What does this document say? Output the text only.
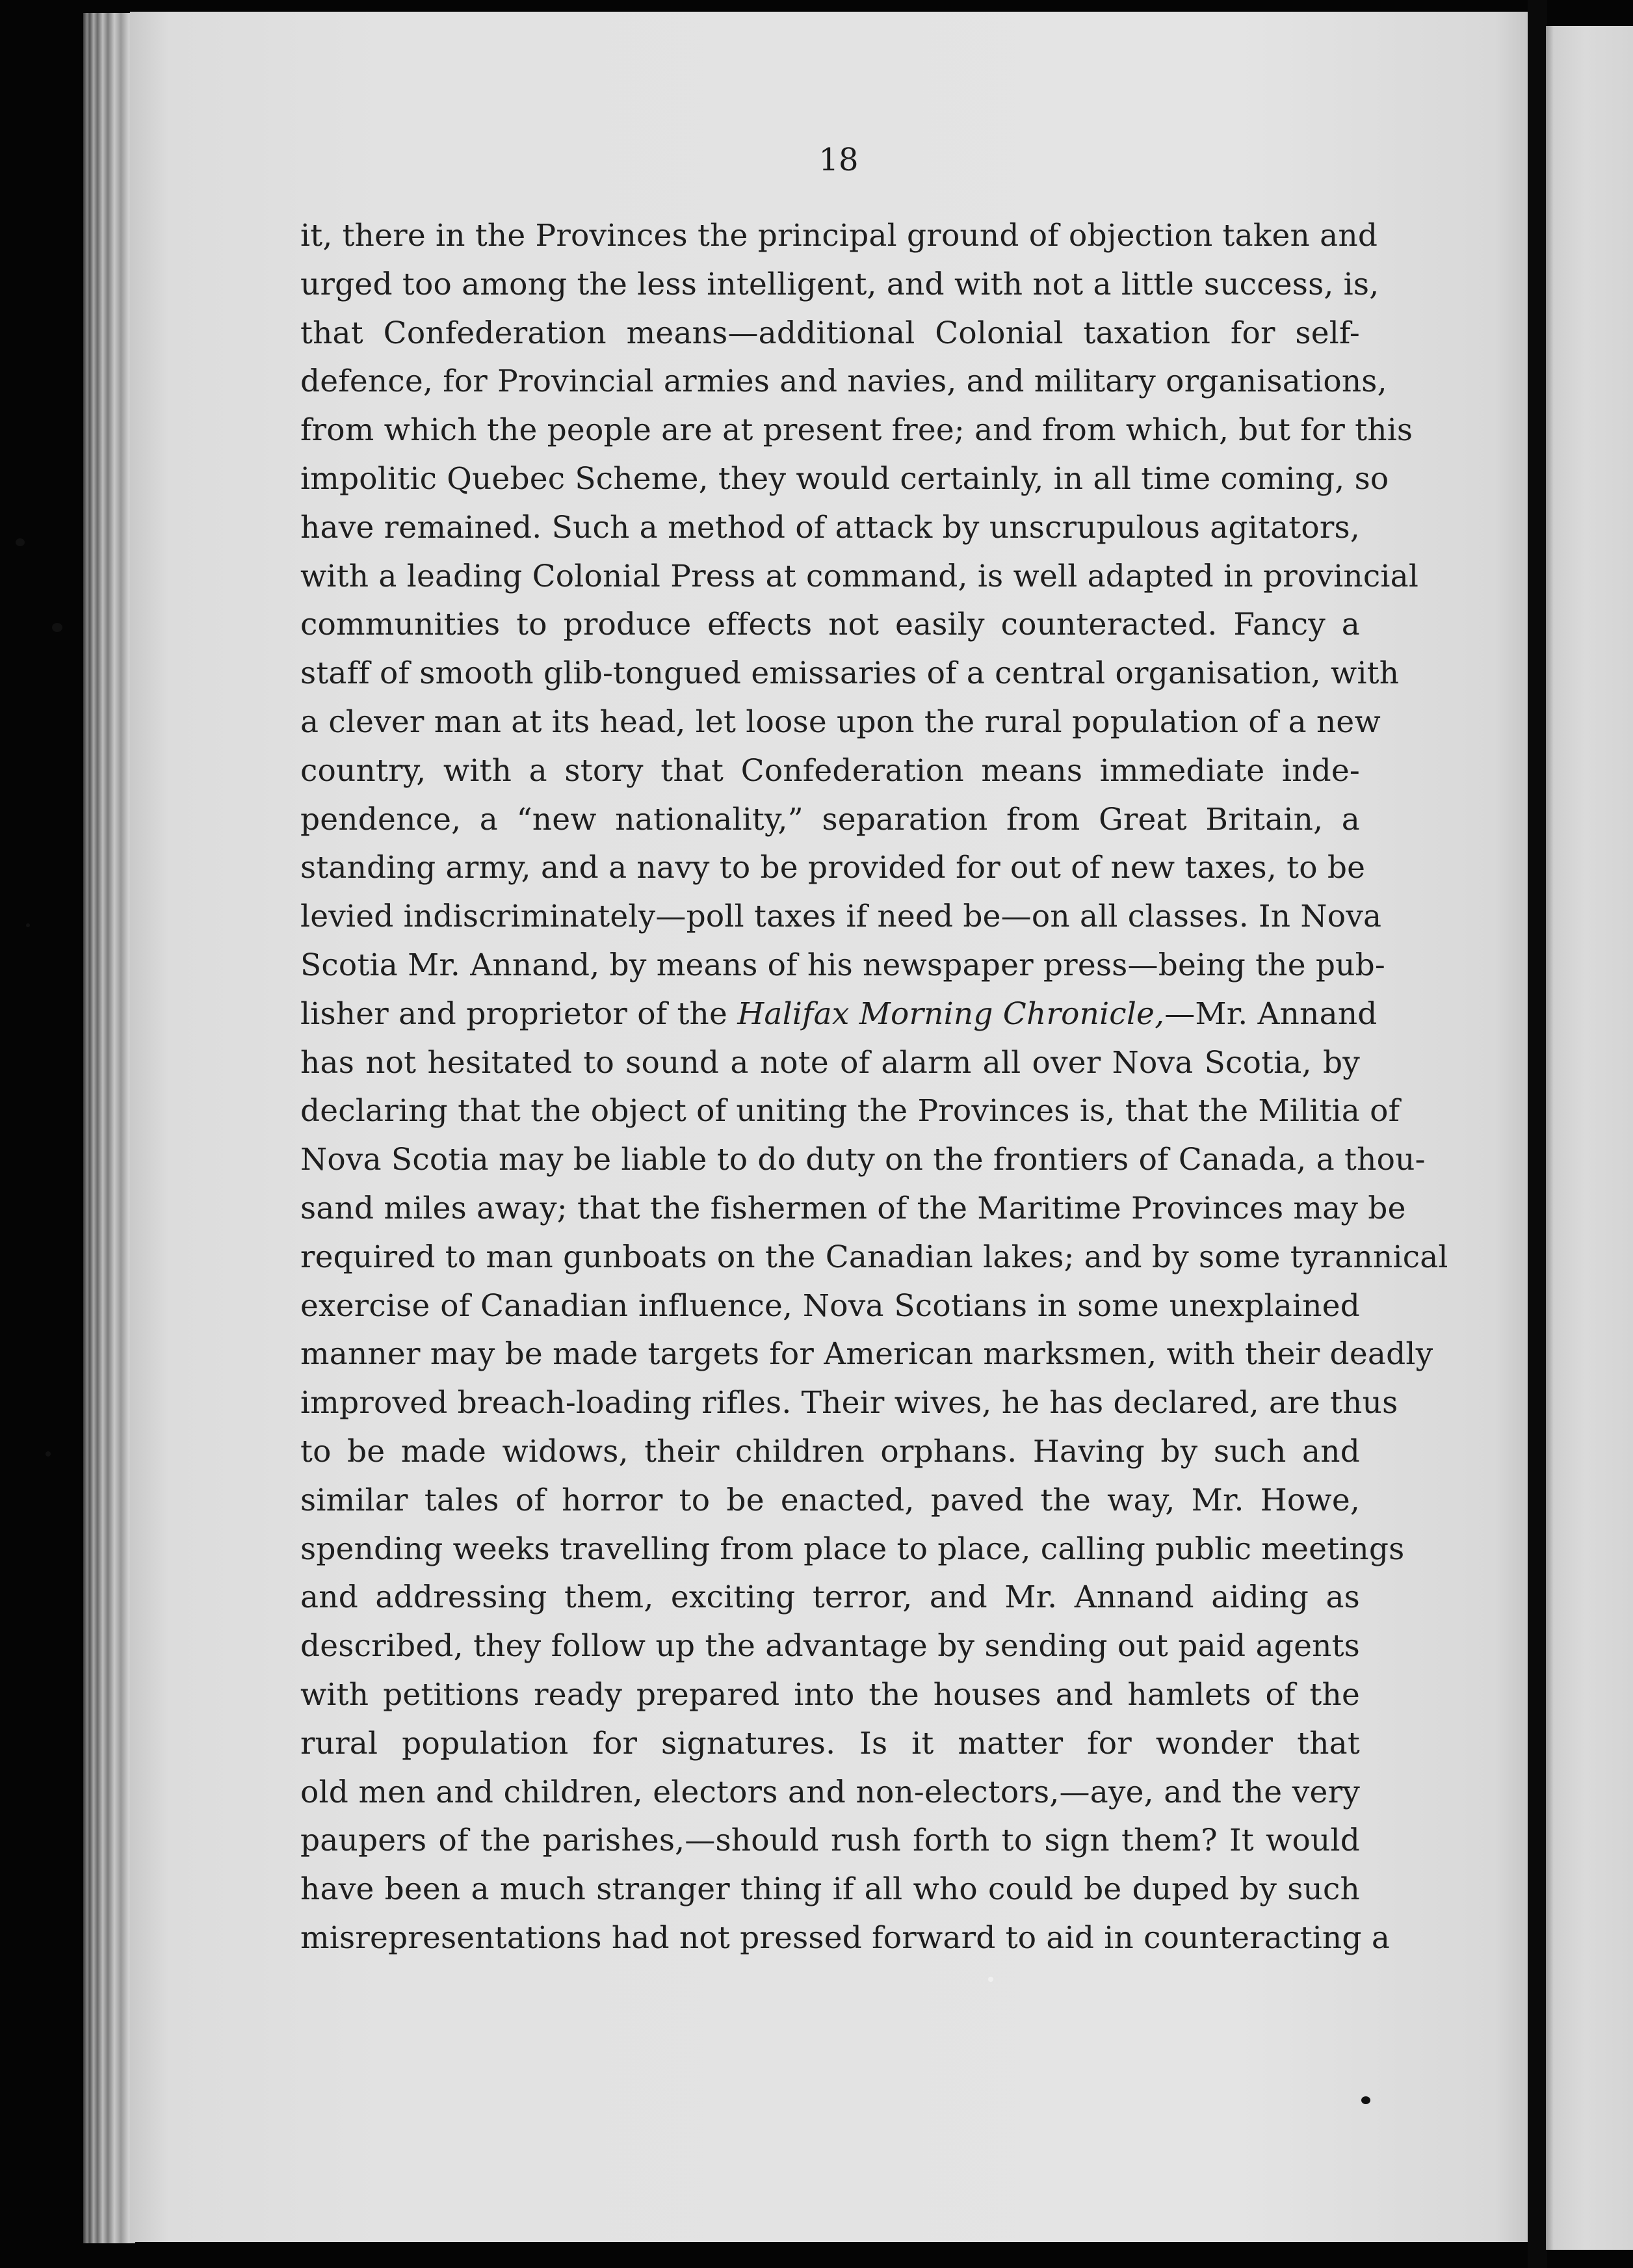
18
it, there in the Provinces the principal ground of objection taken and
urged too among the less intelligent, and with not a little success, is,
that Confederation means—additional Colonial taxation for self-
defence, for Provincial armies and navies, and military organisations,
from which the people are at present free; and from which, but for this
impolitic Quebec Scheme, they would certainly, in all time coming, so
have remained. Such a method of attack by unscrupulous agitators,
with a leading Colonial Press at command, is well adapted in provincial
communities to produce effects not easily counteracted. Fancy a
staff of smooth glib-tongued emissaries of a central organisation, with
a clever man at its head, let loose upon the rural population of a new
country, with a story that Confederation means immediate inde-
pendence, a “new nationality,” separation from Great Britain, a
standing army, and a navy to be provided for out of new taxes, to be
levied indiscriminately—poll taxes if need be—on all classes. In Nova
Scotia Mr. Annand, by means of his newspaper press—being the pub-
lisher and proprietor of the Halifax Morning Chronicle,—Mr. Annand
has not hesitated to sound a note of alarm all over Nova Scotia, by
declaring that the object of uniting the Provinces is, that the Militia of
Nova Scotia may be liable to do duty on the frontiers of Canada, a thou-
sand miles away; that the fishermen of the Maritime Provinces may be
required to man gunboats on the Canadian lakes; and by some tyrannical
exercise of Canadian influence, Nova Scotians in some unexplained
manner may be made targets for American marksmen, with their deadly
improved breach-loading rifles. Their wives, he has declared, are thus
to be made widows, their children orphans. Having by such and
similar tales of horror to be enacted, paved the way, Mr. Howe,
spending weeks travelling from place to place, calling public meetings
and addressing them, exciting terror, and Mr. Annand aiding as
described, they follow up the advantage by sending out paid agents
with petitions ready prepared into the houses and hamlets of the
rural population for signatures. Is it matter for wonder that
old men and children, electors and non-electors,—aye, and the very
paupers of the parishes,—should rush forth to sign them? It would
have been a much stranger thing if all who could be duped by such
misrepresentations had not pressed forward to aid in counteracting a
